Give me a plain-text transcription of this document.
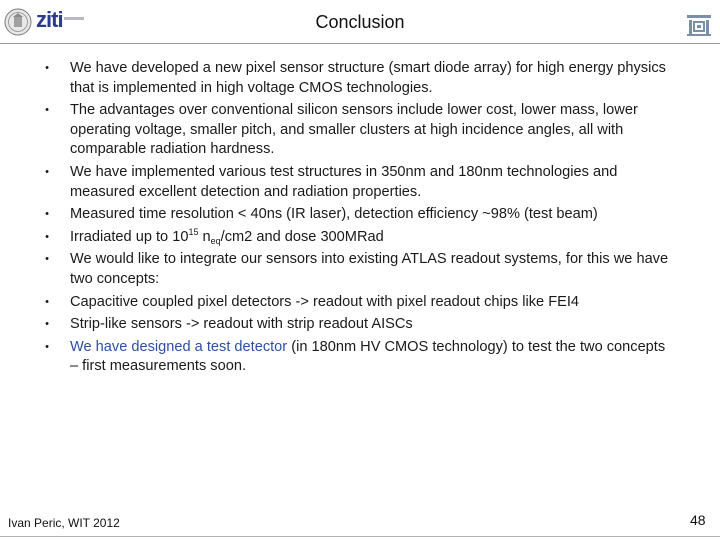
ziti	Conclusion
•	We have developed a new pixel sensor structure (smart diode array) for high energy physics that is implemented in high voltage CMOS technologies.
•	The advantages over conventional silicon sensors include lower cost, lower mass, lower operating voltage, smaller pitch, and smaller clusters at high incidence angles, all with comparable radiation hardness.
•	We have implemented various test structures in 350nm and 180nm technologies and measured excellent detection and radiation properties.
•	Measured time resolution < 40ns (IR laser), detection efficiency ~98% (test beam)
•	Irradiated up to $10^{15}$ $n_{eq}/cm2$ and dose 300MRad
•	We would like to integrate our sensors into existing ATLAS readout systems, for this we have two concepts:
•	Capacitive coupled pixel detectors -> readout with pixel readout chips like FEI4
•	Strip-like sensors -> readout with strip readout AISCs
•	We have designed a test detector (in 180nm HV CMOS technology) to test the two concepts – first measurements soon.
Ivan Peric, WIT 2012	48
